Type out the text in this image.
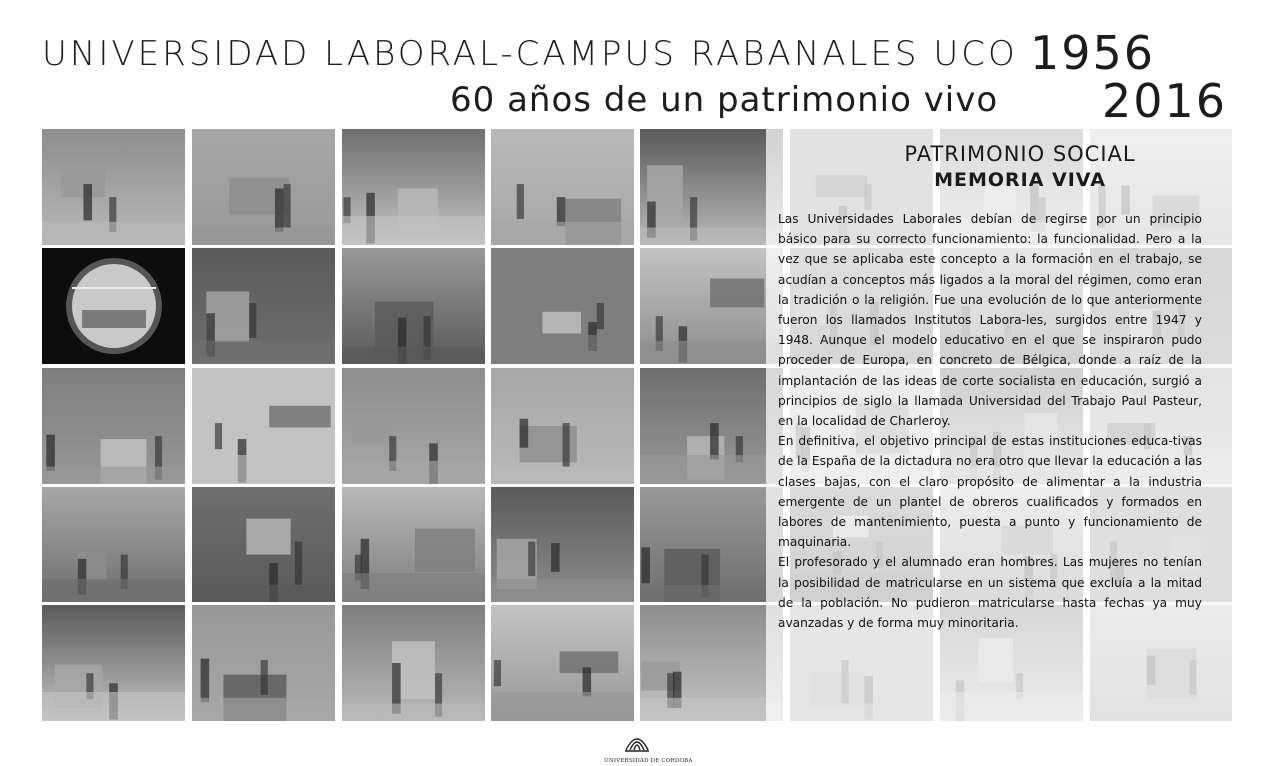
UNIVERSIDAD LABORAL-CAMPUS RABANALES UCO
60 años de un patrimonio vivo
1956
2016
PATRIMONIO SOCIAL
MEMORIA VIVA

Las Universidades Laborales debían de regirse por un principio básico para su correcto funcionamiento: la funcionalidad. Pero a la vez que se aplicaba este concepto a la formación en el trabajo, se acudían a conceptos más ligados a la moral del régimen, como eran la tradición o la religión. Fue una evolución de lo que anteriormente fueron los llamados Institutos Labora-les, surgidos entre 1947 y 1948. Aunque el modelo educativo en el que se inspiraron pudo proceder de Europa, en concreto de Bélgica, donde a raíz de la implantación de las ideas de corte socialista en educación, surgió a principios de siglo la llamada Universidad del Trabajo Paul Pasteur, en la localidad de Charleroy.

En definitiva, el objetivo principal de estas instituciones educa-tivas de la España de la dictadura no era otro que llevar la educación a las clases bajas, con el claro propósito de alimentar a la industria emergente de un plantel de obreros cualificados y formados en labores de mantenimiento, puesta a punto y funcionamiento de maquinaria.

El profesorado y el alumnado eran hombres. Las mujeres no tenían la posibilidad de matricularse en un sistema que excluía a la mitad de la población. No pudieron matricularse hasta fechas ya muy avanzadas y de forma muy minoritaria.

UNIVERSIDAD DE CORDOBA
